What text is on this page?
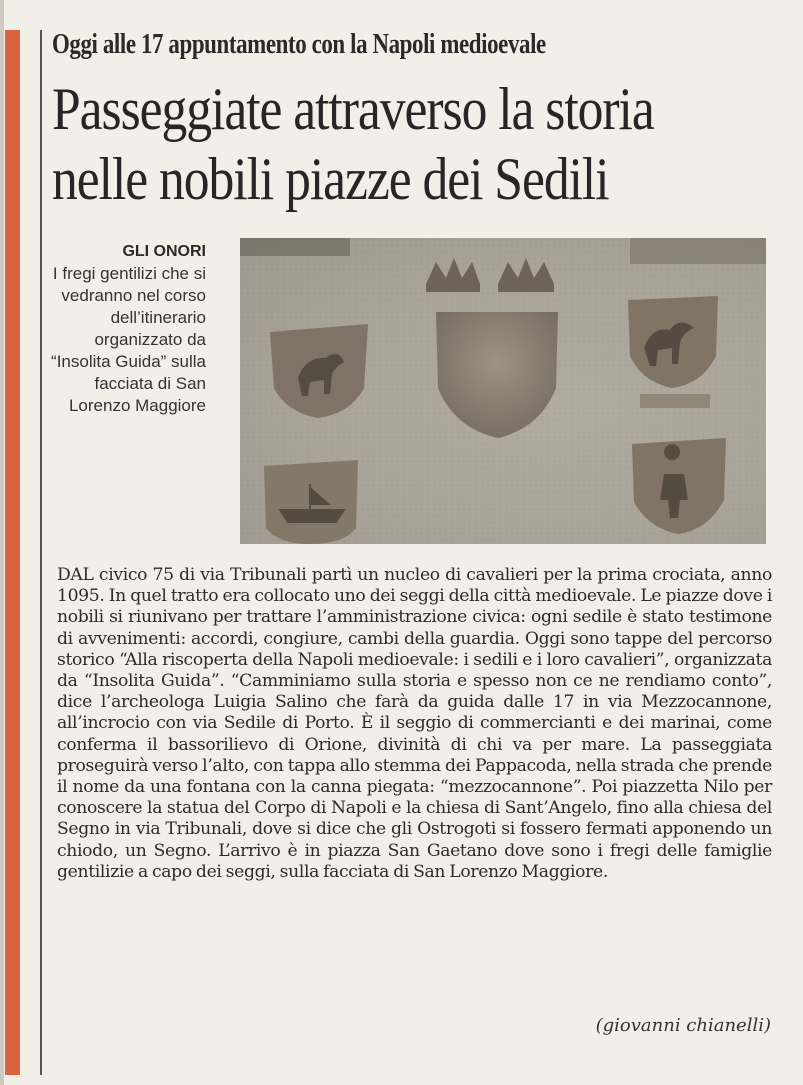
Oggi alle 17 appuntamento con la Napoli medioevale
Passeggiate attraverso la storia
nelle nobili piazze dei Sedili
GLI ONORI
I fregi gentilizi che si vedranno nel corso dell’itinerario organizzato da “Insolita Guida” sulla facciata di San Lorenzo Maggiore

DAL civico 75 di via Tribunali partì un nucleo di cavalieri per la prima crociata, anno 1095. In quel tratto era collocato uno dei seggi della città medioevale. Le piazze dove i nobili si riunivano per trattare l’amministrazione civica: ogni sedile è stato testimone di avvenimenti: accordi, congiure, cambi della guardia. Oggi sono tappe del percorso storico “Alla riscoperta della Napoli medioevale: i sedili e i loro cavalieri”, organizzata da “Insolita Guida”. “Camminiamo sulla storia e spesso non ce ne rendiamo conto”, dice l’archeologa Luigia Salino che farà da guida dalle 17 in via Mezzocannone, all’incrocio con via Sedile di Porto. È il seggio di commercianti e dei marinai, come conferma il bassorilievo di Orione, divinità di chi va per mare. La passeggiata proseguirà verso l’alto, con tappa allo stemma dei Pappacoda, nella strada che prende il nome da una fontana con la canna piegata: “mezzocannone”. Poi piazzetta Nilo per conoscere la statua del Corpo di Napoli e la chiesa di Sant’Angelo, fino alla chiesa del Segno in via Tribunali, dove si dice che gli Ostrogoti si fossero fermati apponendo un chiodo, un Segno. L’arrivo è in piazza San Gaetano dove sono i fregi delle famiglie gentilizie a capo dei seggi, sulla facciata di San Lorenzo Maggiore.

(giovanni chianelli)
